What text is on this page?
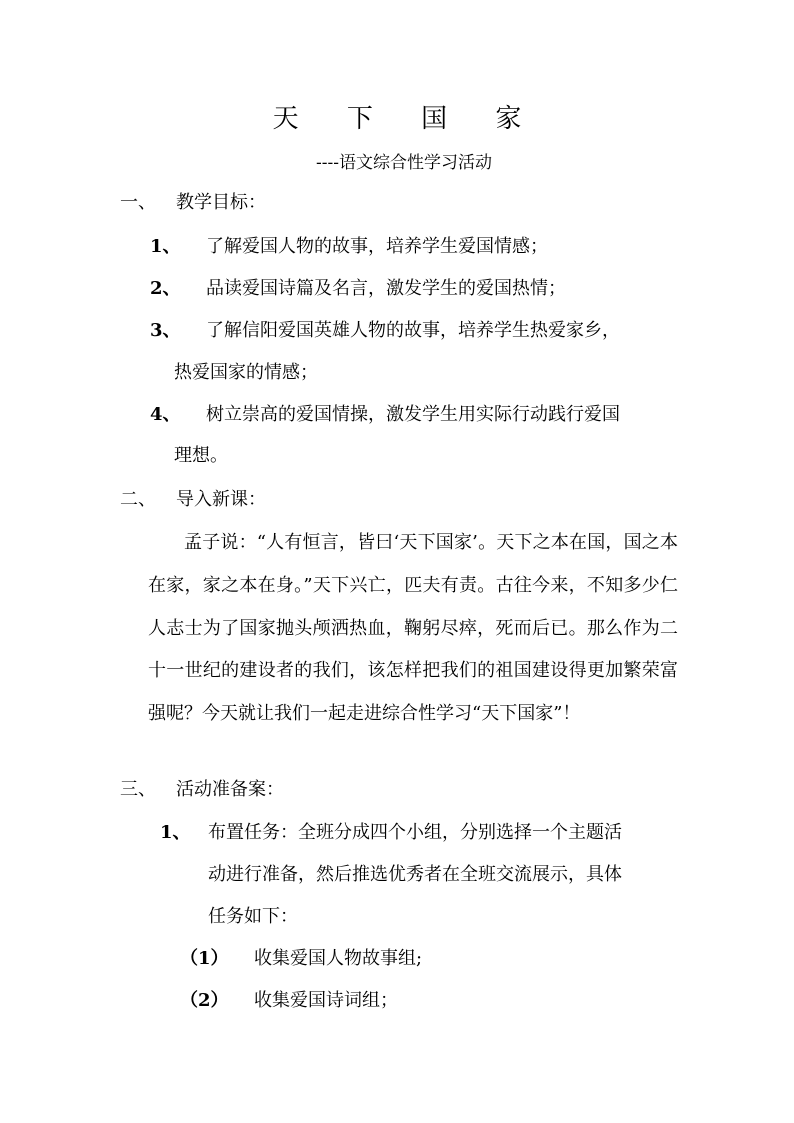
天 下 国 家
----语文综合性学习活动
一、 教学目标：
1、 了解爱国人物的故事，培养学生爱国情感；
2、 品读爱国诗篇及名言，激发学生的爱国热情；
3、 了解信阳爱国英雄人物的故事，培养学生热爱家乡，
热爱国家的情感；
4、 树立崇高的爱国情操，激发学生用实际行动践行爱国
理想。
二、 导入新课：

孟子说：“人有恒言，皆曰‘天下国家’。天下之本在国，国之本在家，家之本在身。”天下兴亡，匹夫有责。古往今来，不知多少仁人志士为了国家抛头颅洒热血，鞠躬尽瘁，死而后已。那么作为二十一世纪的建设者的我们，该怎样把我们的祖国建设得更加繁荣富强呢？今天就让我们一起走进综合性学习“天下国家”！

三、 活动准备案：
1、 布置任务：全班分成四个小组，分别选择一个主题活
动进行准备，然后推选优秀者在全班交流展示，具体
任务如下：
（1） 收集爱国人物故事组;
（2） 收集爱国诗词组；
